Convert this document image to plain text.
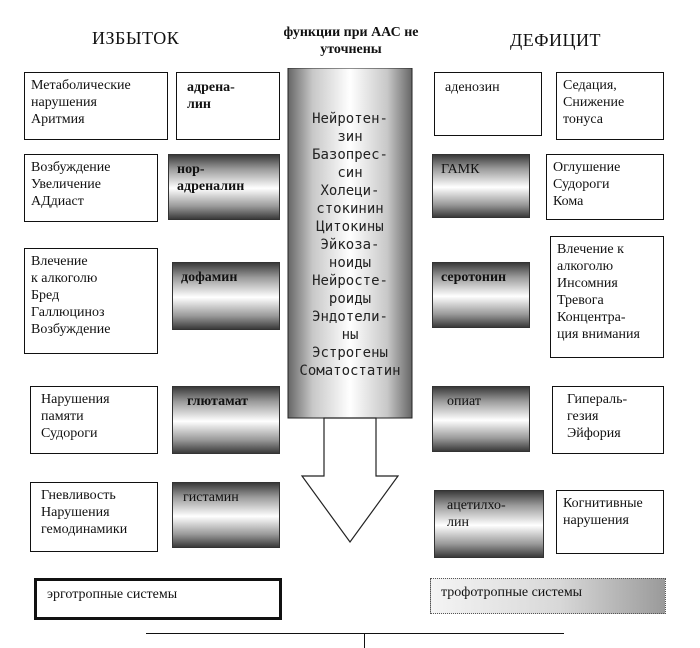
ИЗБЫТОК	функции при ААС не уточнены	ДЕФИЦИТ
Нейротен-
зин
Базопрес-
син
Холеци-
стокинин
Цитокины
Эйкоза-
ноиды
Нейросте-
роиды
Эндотели-
ны
Эстрогены
Соматостатин
Метаболические
нарушения
Аритмия
адрена-
лин
аденозин	Седация,
Снижение
тонуса
Возбуждение
Увеличение
АДдиаст
нор-
адреналин
ГАМК	Оглушение
Судороги
Кома
Влечение
к алкоголю
Бред
Галлюциноз
Возбуждение
дофамин	серотонин
Влечение к
алкоголю
Инсомния
Тревога
Концентра-
ция внимания
Нарушения
памяти
Судороги
глютамат	опиат	Гипераль-
гезия
Эйфория
Гневливость
Нарушения
гемодинамики
гистамин
ацетилхо-
лин
Когнитивные
нарушения
эрготропные системы	трофотропные системы
